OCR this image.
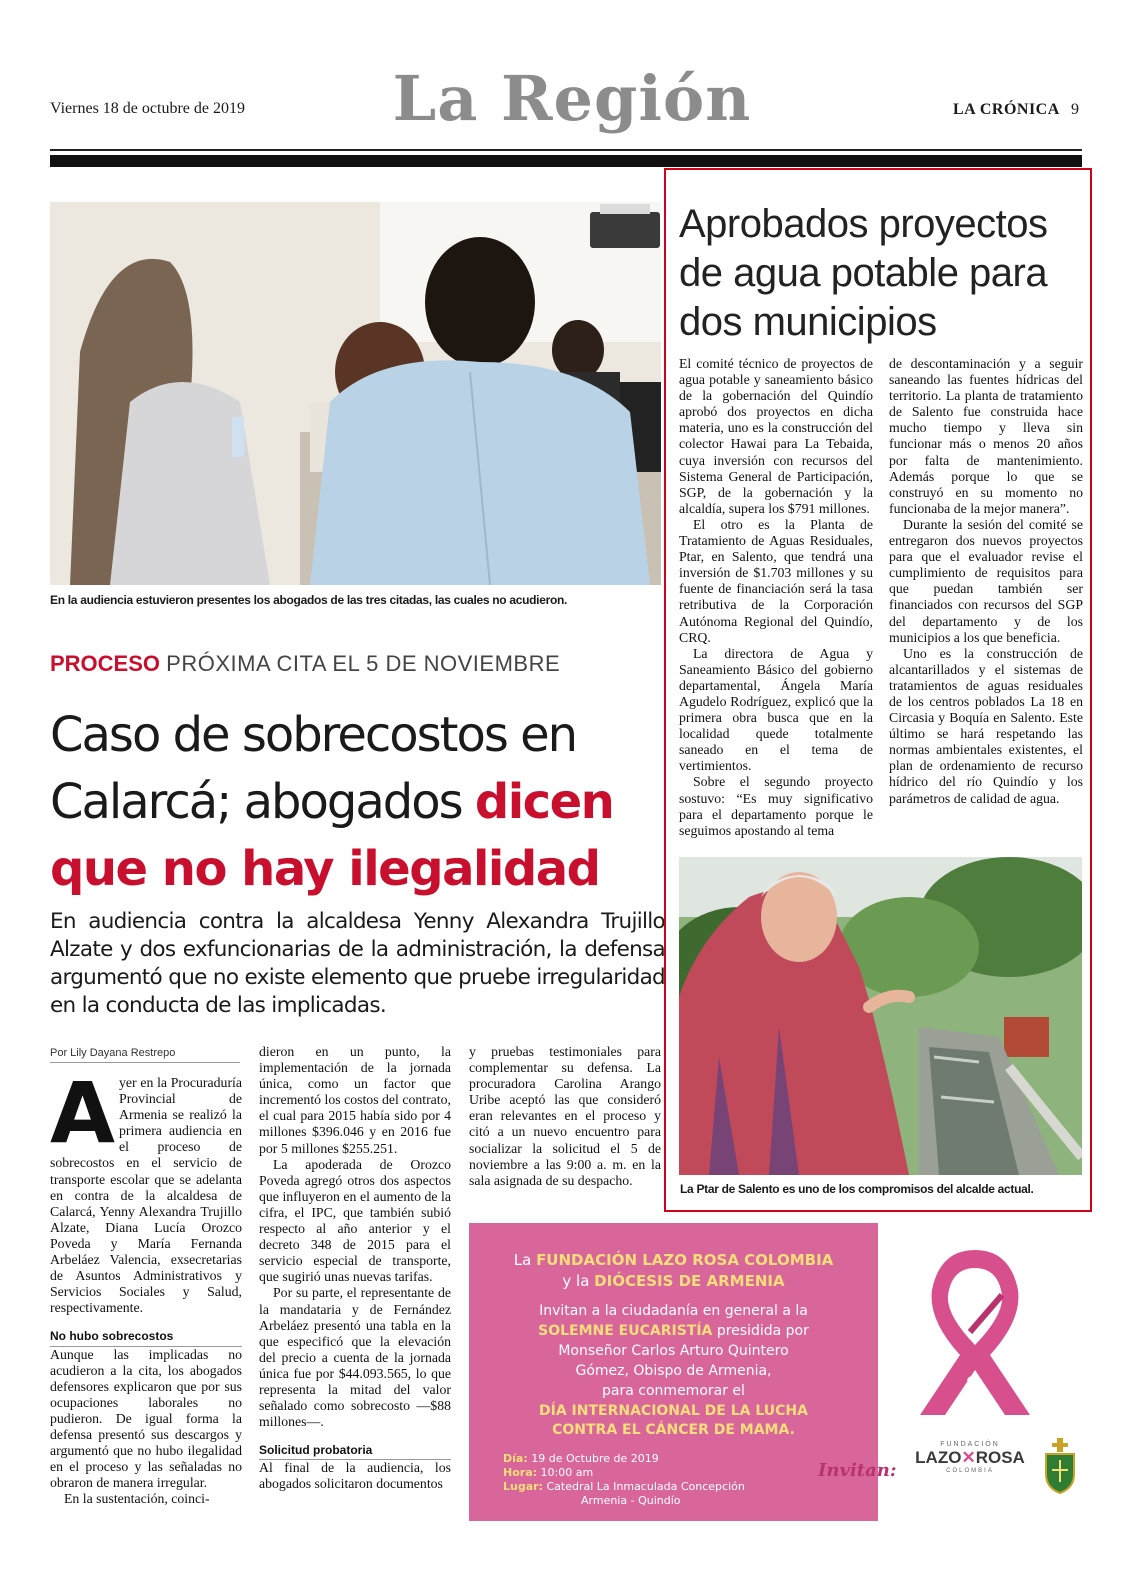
Viernes 18 de octubre de 2019	La Región	LA CRÓNICA 9
En la audiencia estuvieron presentes los abogados de las tres citadas, las cuales no acudieron.
PROCESO PRÓXIMA CITA EL 5 DE NOVIEMBRE
Caso de sobrecostos en
Calarcá; abogados dicen
que no hay ilegalidad
En audiencia contra la alcaldesa Yenny Alexandra Trujillo Alzate y dos exfuncionarias de la administración, la defensa argumentó que no existe elemento que pruebe irregularidad en la conducta de las implicadas.
Por Lily Dayana Restrepo

Ayer en la Procuraduría Provincial de Armenia se realizó la primera audiencia en el proceso de sobrecostos en el servicio de transporte escolar que se adelanta en contra de la alcaldesa de Calarcá, Yenny Alexandra Trujillo Alzate, Diana Lucía Orozco Poveda y María Fernanda Arbeláez Valencia, exsecretarias de Asuntos Administrativos y Servicios Sociales y Salud, respectivamente.

No hubo sobrecostos

Aunque las implicadas no acudieron a la cita, los abogados defensores explicaron que por sus ocupaciones laborales no pudieron. De igual forma la defensa presentó sus descargos y argumentó que no hubo ilegalidad en el proceso y las señaladas no obraron de manera irregular.

En la sustentación, coinci-

dieron en un punto, la implementación de la jornada única, como un factor que incrementó los costos del contrato, el cual para 2015 había sido por 4 millones $396.046 y en 2016 fue por 5 millones $255.251.

La apoderada de Orozco Poveda agregó otros dos aspectos que influyeron en el aumento de la cifra, el IPC, que también subió respecto al año anterior y el decreto 348 de 2015 para el servicio especial de transporte, que sugirió unas nuevas tarifas.

Por su parte, el representante de la mandataria y de Fernández Arbeláez presentó una tabla en la que especificó que la elevación del precio a cuenta de la jornada única fue por $44.093.565, lo que representa la mitad del valor señalado como sobrecosto —$88 millones—.

Solicitud probatoria

Al final de la audiencia, los abogados solicitaron documentos

y pruebas testimoniales para complementar su defensa. La procuradora Carolina Arango Uribe aceptó las que consideró eran relevantes en el proceso y citó a un nuevo encuentro para socializar la solicitud el 5 de noviembre a las 9:00 a. m. en la sala asignada de su despacho.

Aprobados proyectos de agua potable para dos municipios

El comité técnico de proyectos de agua potable y saneamiento básico de la gobernación del Quindío aprobó dos proyectos en dicha materia, uno es la construcción del colector Hawai para La Tebaida, cuya inversión con recursos del Sistema General de Participación, SGP, de la gobernación y la alcaldía, supera los $791 millones.

El otro es la Planta de Tratamiento de Aguas Residuales, Ptar, en Salento, que tendrá una inversión de $1.703 millones y su fuente de financiación será la tasa retributiva de la Corporación Autónoma Regional del Quindío, CRQ.

La directora de Agua y Saneamiento Básico del gobierno departamental, Ángela María Agudelo Rodríguez, explicó que la primera obra busca que en la localidad quede totalmente saneado en el tema de vertimientos.

Sobre el segundo proyecto sostuvo: “Es muy significativo para el departamento porque le seguimos apostando al tema

de descontaminación y a seguir saneando las fuentes hídricas del territorio. La planta de tratamiento de Salento fue construida hace mucho tiempo y lleva sin funcionar más o menos 20 años por falta de mantenimiento. Además porque lo que se construyó en su momento no funcionaba de la mejor manera”.

Durante la sesión del comité se entregaron dos nuevos proyectos para que el evaluador revise el cumplimiento de requisitos para que puedan también ser financiados con recursos del SGP del departamento y de los municipios a los que beneficia.

Uno es la construcción de alcantarillados y el sistemas de tratamientos de aguas residuales de los centros poblados La 18 en Circasia y Boquía en Salento. Este último se hará respetando las normas ambientales existentes, el plan de ordenamiento de recurso hídrico del río Quindío y los parámetros de calidad de agua.

La Ptar de Salento es uno de los compromisos del alcalde actual.
La FUNDACIÓN LAZO ROSA COLOMBIA
y la DIÓCESIS DE ARMENIA
Invitan a la ciudadanía en general a la
SOLEMNE EUCARISTÍA presidida por
Monseñor Carlos Arturo Quintero
Gómez, Obispo de Armenia,
para conmemorar el
DÍA INTERNACIONAL DE LA LUCHA
CONTRA EL CÁNCER DE MAMA.
Día: 19 de Octubre de 2019
Hora: 10:00 am
Lugar: Catedral La Inmaculada Concepción
Armenia - Quindío
Invitan:
FUNDACIÓN
LAZO✕ROSA
COLOMBIA
